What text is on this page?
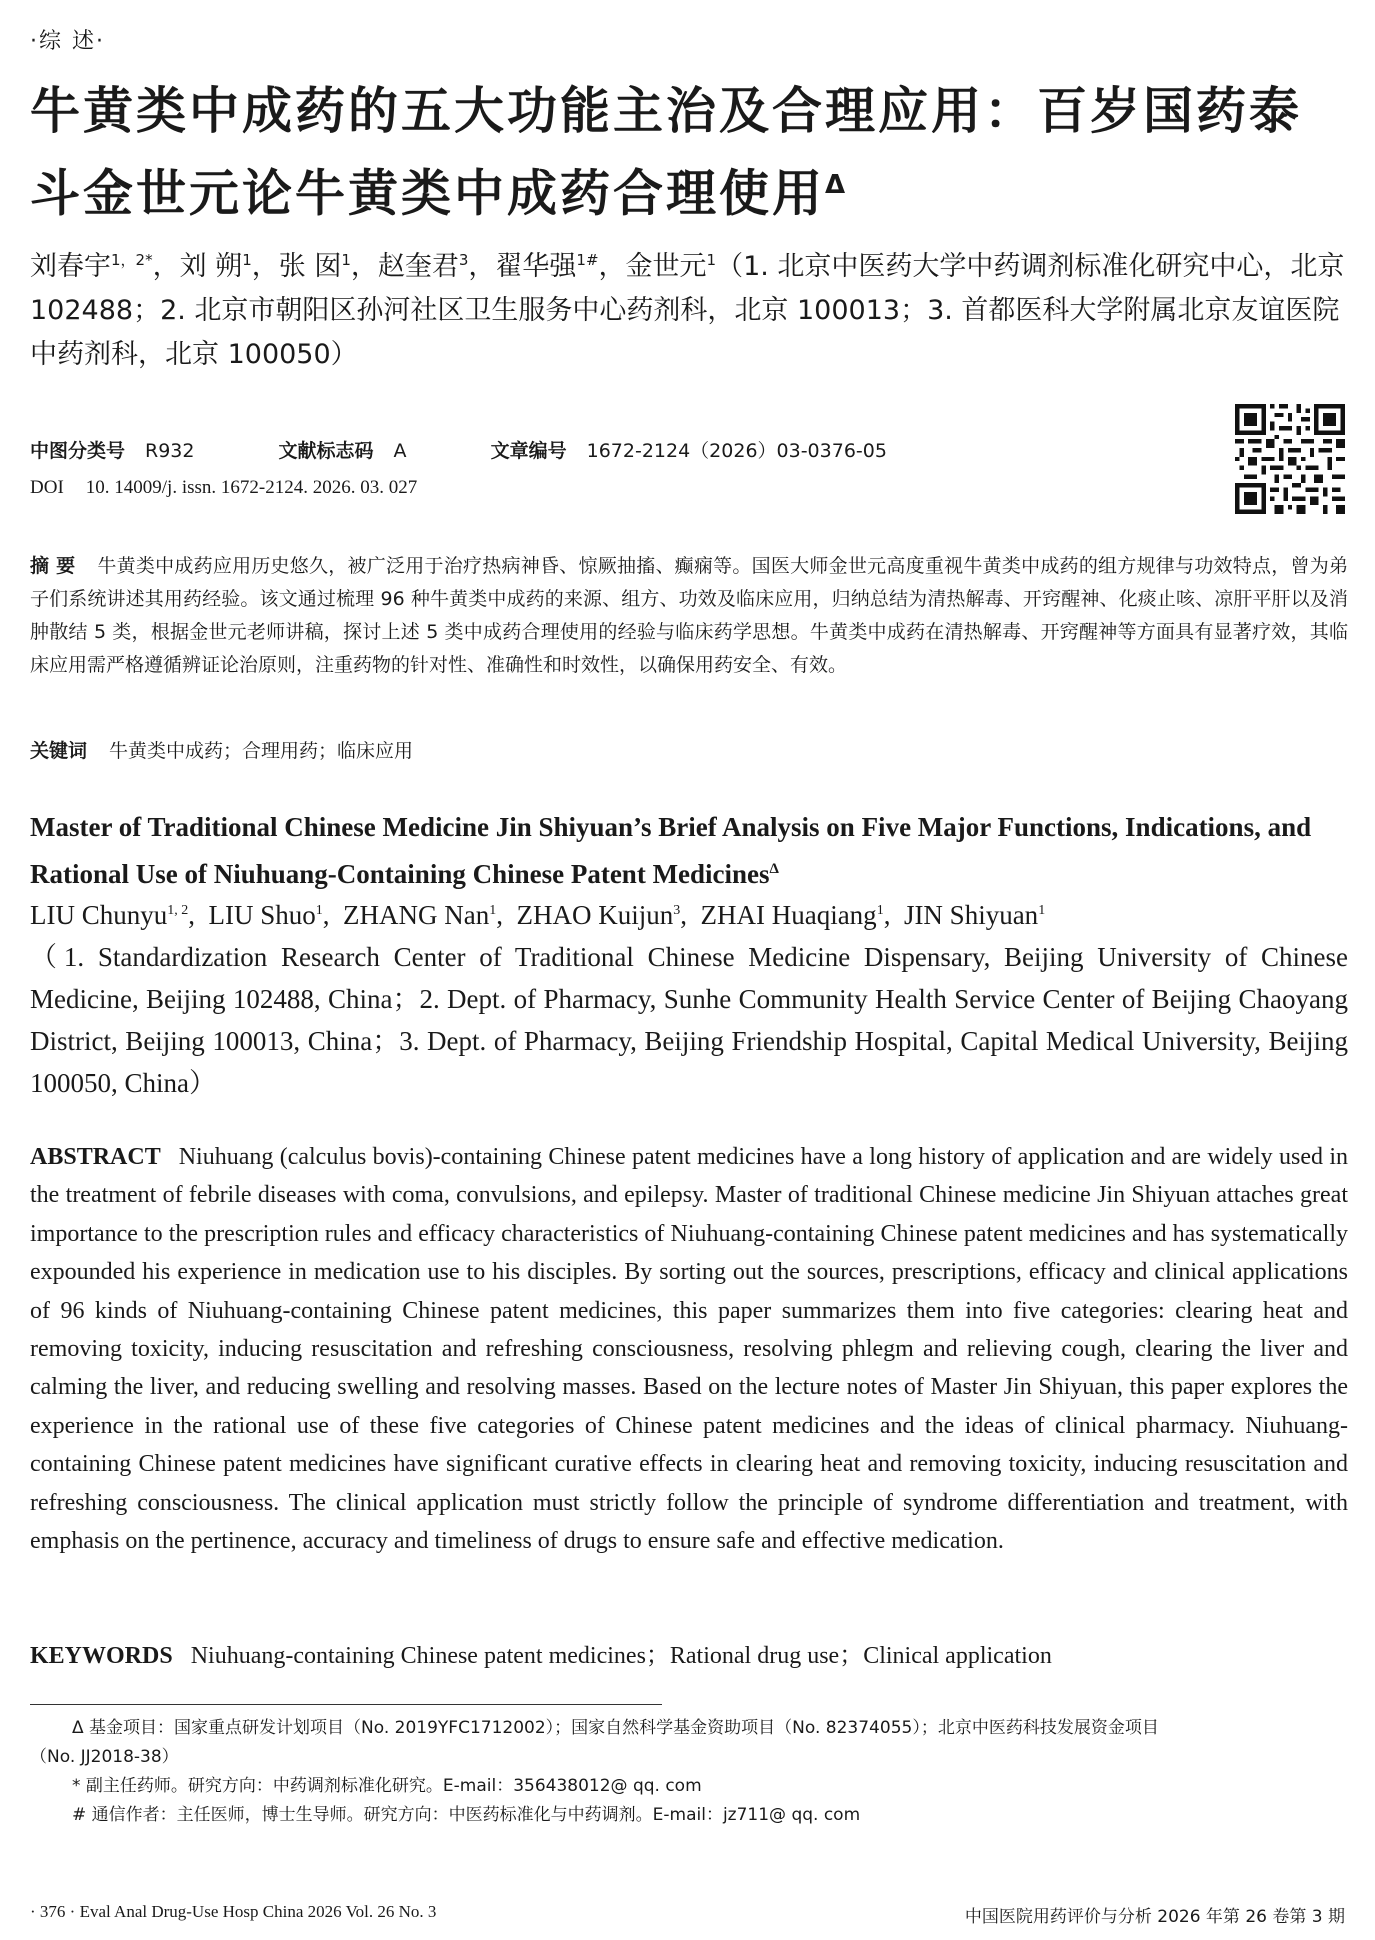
·综 述·
牛黄类中成药的五大功能主治及合理应用：百岁国药泰斗金世元论牛黄类中成药合理使用$^\Delta$

刘春宇$^{1,2*}$，刘 朔$^1$，张 囡$^1$，赵奎君$^3$，翟华强$^{1\#}$，金世元$^1$（1. 北京中医药大学中药调剂标准化研究中心，北京 102488；2. 北京市朝阳区孙河社区卫生服务中心药剂科，北京 100013；3. 首都医科大学附属北京友谊医院中药剂科，北京 100050）

中图分类号 R932	文献标志码 A	文章编号 1672-2124（2026）03-0376-05
DOI 10. 14009/j. issn. 1672-2124. 2026. 03. 027

摘 要 牛黄类中成药应用历史悠久，被广泛用于治疗热病神昏、惊厥抽搐、癫痫等。国医大师金世元高度重视牛黄类中成药的组方规律与功效特点，曾为弟子们系统讲述其用药经验。该文通过梳理 96 种牛黄类中成药的来源、组方、功效及临床应用，归纳总结为清热解毒、开窍醒神、化痰止咳、凉肝平肝以及消肿散结 5 类，根据金世元老师讲稿，探讨上述 5 类中成药合理使用的经验与临床药学思想。牛黄类中成药在清热解毒、开窍醒神等方面具有显著疗效，其临床应用需严格遵循辨证论治原则，注重药物的针对性、准确性和时效性，以确保用药安全、有效。

关键词 牛黄类中成药；合理用药；临床应用
Master of Traditional Chinese Medicine Jin Shiyuan’s Brief Analysis on Five Major Functions, Indications, and Rational Use of Niuhuang-Containing Chinese Patent Medicines$^\Delta$

LIU Chunyu$^{1, 2}$,  LIU Shuo$^1$,  ZHANG Nan$^1$,  ZHAO Kuijun$^3$,  ZHAI Huaqiang$^1$,  JIN Shiyuan$^1$
（1. Standardization Research Center of Traditional Chinese Medicine Dispensary, Beijing University of Chinese Medicine, Beijing 102488, China；2. Dept. of Pharmacy, Sunhe Community Health Service Center of Beijing Chaoyang District, Beijing 100013, China；3. Dept. of Pharmacy, Beijing Friendship Hospital, Capital Medical University, Beijing 100050, China）

ABSTRACT Niuhuang (calculus bovis)-containing Chinese patent medicines have a long history of application and are widely used in the treatment of febrile diseases with coma, convulsions, and epilepsy. Master of traditional Chinese medicine Jin Shiyuan attaches great importance to the prescription rules and efficacy characteristics of Niuhuang-containing Chinese patent medicines and has systematically expounded his experience in medication use to his disciples. By sorting out the sources, prescriptions, efficacy and clinical applications of 96 kinds of Niuhuang-containing Chinese patent medicines, this paper summarizes them into five categories: clearing heat and removing toxicity, inducing resuscitation and refreshing consciousness, resolving phlegm and relieving cough, clearing the liver and calming the liver, and reducing swelling and resolving masses. Based on the lecture notes of Master Jin Shiyuan, this paper explores the experience in the rational use of these five categories of Chinese patent medicines and the ideas of clinical pharmacy. Niuhuang-containing Chinese patent medicines have significant curative effects in clearing heat and removing toxicity, inducing resuscitation and refreshing consciousness. The clinical application must strictly follow the principle of syndrome differentiation and treatment, with emphasis on the pertinence, accuracy and timeliness of drugs to ensure safe and effective medication.

KEYWORDS Niuhuang-containing Chinese patent medicines；Rational drug use；Clinical application

Δ 基金项目：国家重点研发计划项目（No. 2019YFC1712002）；国家自然科学基金资助项目（No. 82374055）；北京中医药科技发展资金项目

（No. JJ2018-38）

* 副主任药师。研究方向：中药调剂标准化研究。E-mail：356438012@ qq. com

# 通信作者：主任医师，博士生导师。研究方向：中医药标准化与中药调剂。E-mail：jz711@ qq. com

· 376 · Eval Anal Drug-Use Hosp China 2026 Vol. 26 No. 3	中国医院用药评价与分析 2026 年第 26 卷第 3 期
